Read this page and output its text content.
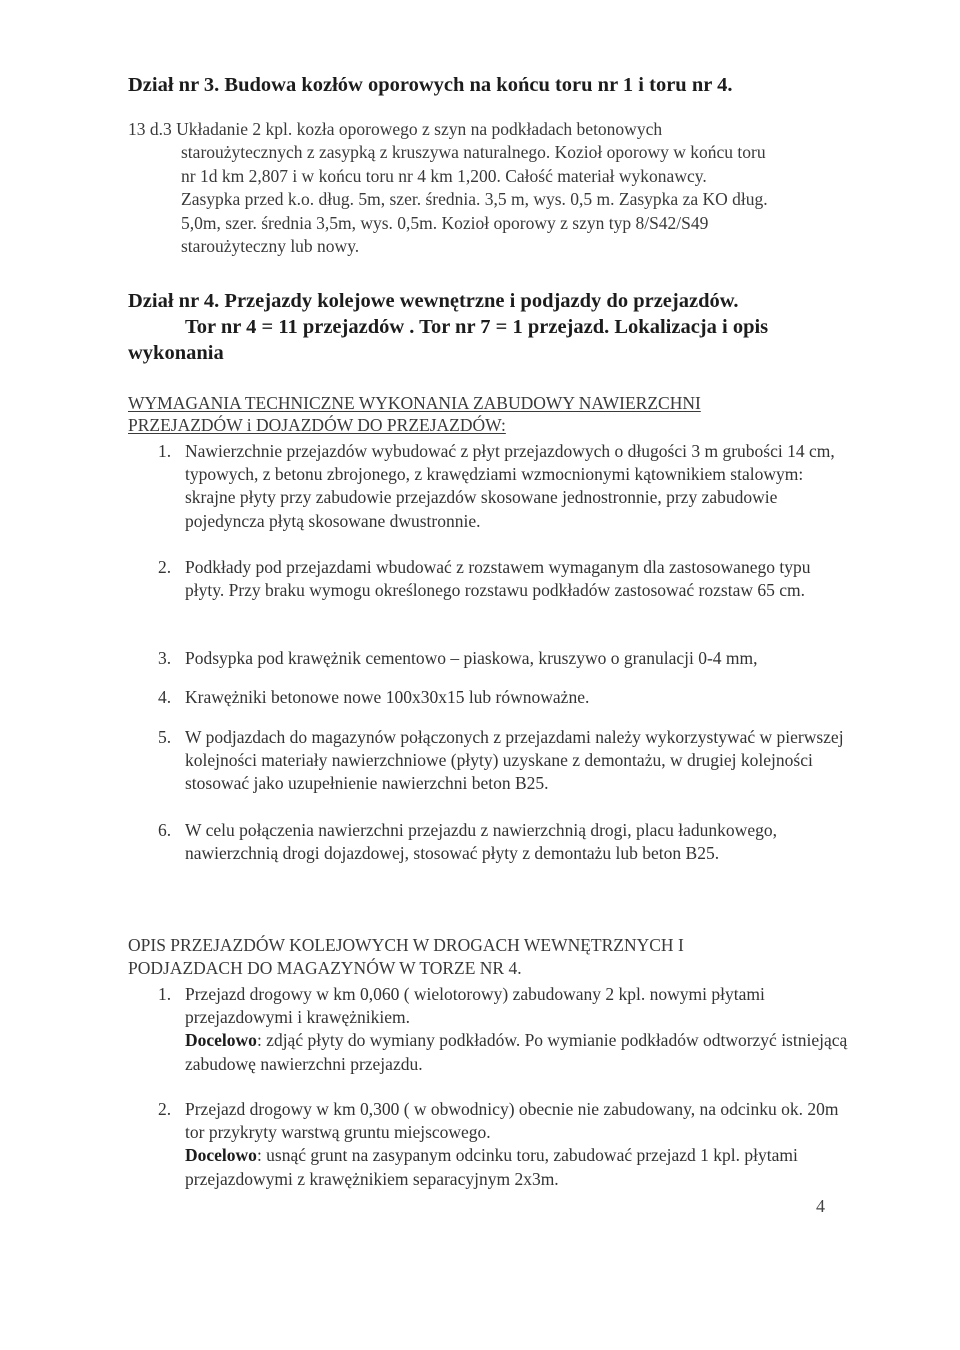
Dział nr 3. Budowa kozłów oporowych na końcu toru nr 1 i toru nr 4.
13 d.3 Układanie 2 kpl. kozła oporowego z szyn na podkładach betonowych
staroużytecznych z zasypką z kruszywa naturalnego. Kozioł oporowy w końcu toru
nr 1d km 2,807 i w końcu toru nr 4 km 1,200. Całość materiał wykonawcy.
Zasypka przed k.o. dług. 5m, szer. średnia. 3,5 m, wys. 0,5 m. Zasypka za KO dług.
5,0m, szer. średnia 3,5m, wys. 0,5m. Kozioł oporowy z szyn typ 8/S42/S49
staroużyteczny lub nowy.
Dział nr 4. Przejazdy kolejowe wewnętrzne i podjazdy do przejazdów.
Tor nr 4 = 11 przejazdów . Tor nr 7 = 1 przejazd. Lokalizacja i opis
wykonania
WYMAGANIA TECHNICZNE WYKONANIA ZABUDOWY NAWIERZCHNI
PRZEJAZDÓW i DOJAZDÓW DO PRZEJAZDÓW:
1. Nawierzchnie przejazdów wybudować z płyt przejazdowych o długości 3 m grubości 14 cm, typowych, z betonu zbrojonego, z krawędziami wzmocnionymi kątownikiem stalowym: skrajne płyty przy zabudowie przejazdów skosowane jednostronnie, przy zabudowie pojedyncza płytą skosowane dwustronnie.
2. Podkłady pod przejazdami wbudować z rozstawem wymaganym dla zastosowanego typu płyty. Przy braku wymogu określonego rozstawu podkładów zastosować rozstaw 65 cm.
3. Podsypka pod krawężnik cementowo – piaskowa, kruszywo o granulacji 0-4 mm,
4. Krawężniki betonowe nowe 100x30x15 lub równoważne.
5. W podjazdach do magazynów połączonych z przejazdami należy wykorzystywać w pierwszej kolejności materiały nawierzchniowe (płyty) uzyskane z demontażu, w drugiej kolejności stosować jako uzupełnienie nawierzchni beton B25.
6. W celu połączenia nawierzchni przejazdu z nawierzchnią drogi, placu ładunkowego, nawierzchnią drogi dojazdowej, stosować płyty z demontażu lub beton B25.
OPIS PRZEJAZDÓW KOLEJOWYCH W DROGACH WEWNĘTRZNYCH I
PODJAZDACH DO MAGAZYNÓW W TORZE NR 4.
1. Przejazd drogowy w km 0,060 ( wielotorowy) zabudowany 2 kpl. nowymi płytami przejazdowymi i krawężnikiem.
Docelowo: zdjąć płyty do wymiany podkładów. Po wymianie podkładów odtworzyć istniejącą zabudowę nawierzchni przejazdu.
2. Przejazd drogowy w km 0,300 ( w obwodnicy) obecnie nie zabudowany, na odcinku ok. 20m tor przykryty warstwą gruntu miejscowego.
Docelowo: usnąć grunt na zasypanym odcinku toru, zabudować przejazd 1 kpl. płytami przejazdowymi z krawężnikiem separacyjnym 2x3m.
4
